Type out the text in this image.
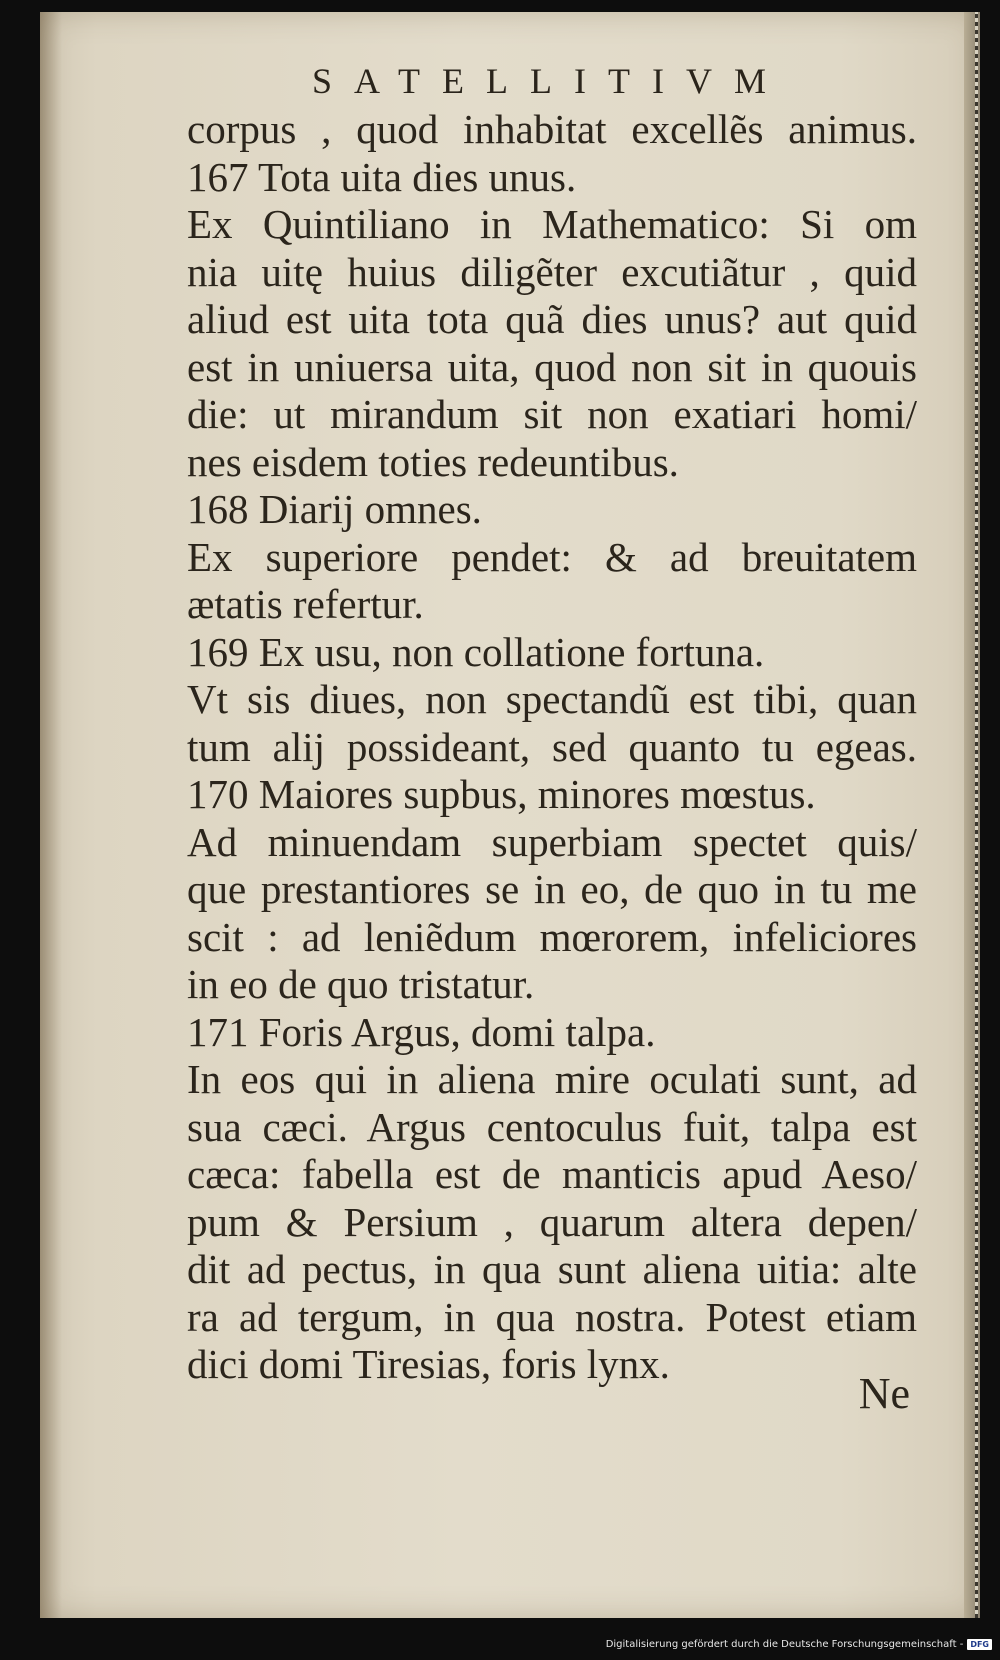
SATELLITIVM
corpus , quod inhabitat excellẽs animus.
167 Tota uita dies unus.
Ex Quintiliano in Mathematico: Si om
nia uitę huius diligẽter excutiãtur , quid
aliud est uita tota quã dies unus? aut quid
est in uniuersa uita, quod non sit in quouis
die: ut mirandum sit non exatiari homi/
nes eisdem toties redeuntibus.
168 Diarij omnes.
Ex superiore pendet: & ad breuitatem
ætatis refertur.
169 Ex usu, non collatione fortuna.
Vt sis diues, non spectandũ est tibi, quan
tum alij possideant, sed quanto tu egeas.
170 Maiores supbus, minores mœstus.
Ad minuendam superbiam spectet quis/
que prestantiores se in eo, de quo in tu me
scit : ad leniẽdum mœrorem, infeliciores
in eo de quo tristatur.
171 Foris Argus, domi talpa.
In eos qui in aliena mire oculati sunt, ad
sua cæci. Argus centoculus fuit, talpa est
cæca: fabella est de manticis apud Aeso/
pum & Persium , quarum altera depen/
dit ad pectus, in qua sunt aliena uitia: alte
ra ad tergum, in qua nostra. Potest etiam
dici domi Tiresias, foris lynx.
Ne
Digitalisierung gefördert durch die Deutsche Forschungsgemeinschaft - DFG
